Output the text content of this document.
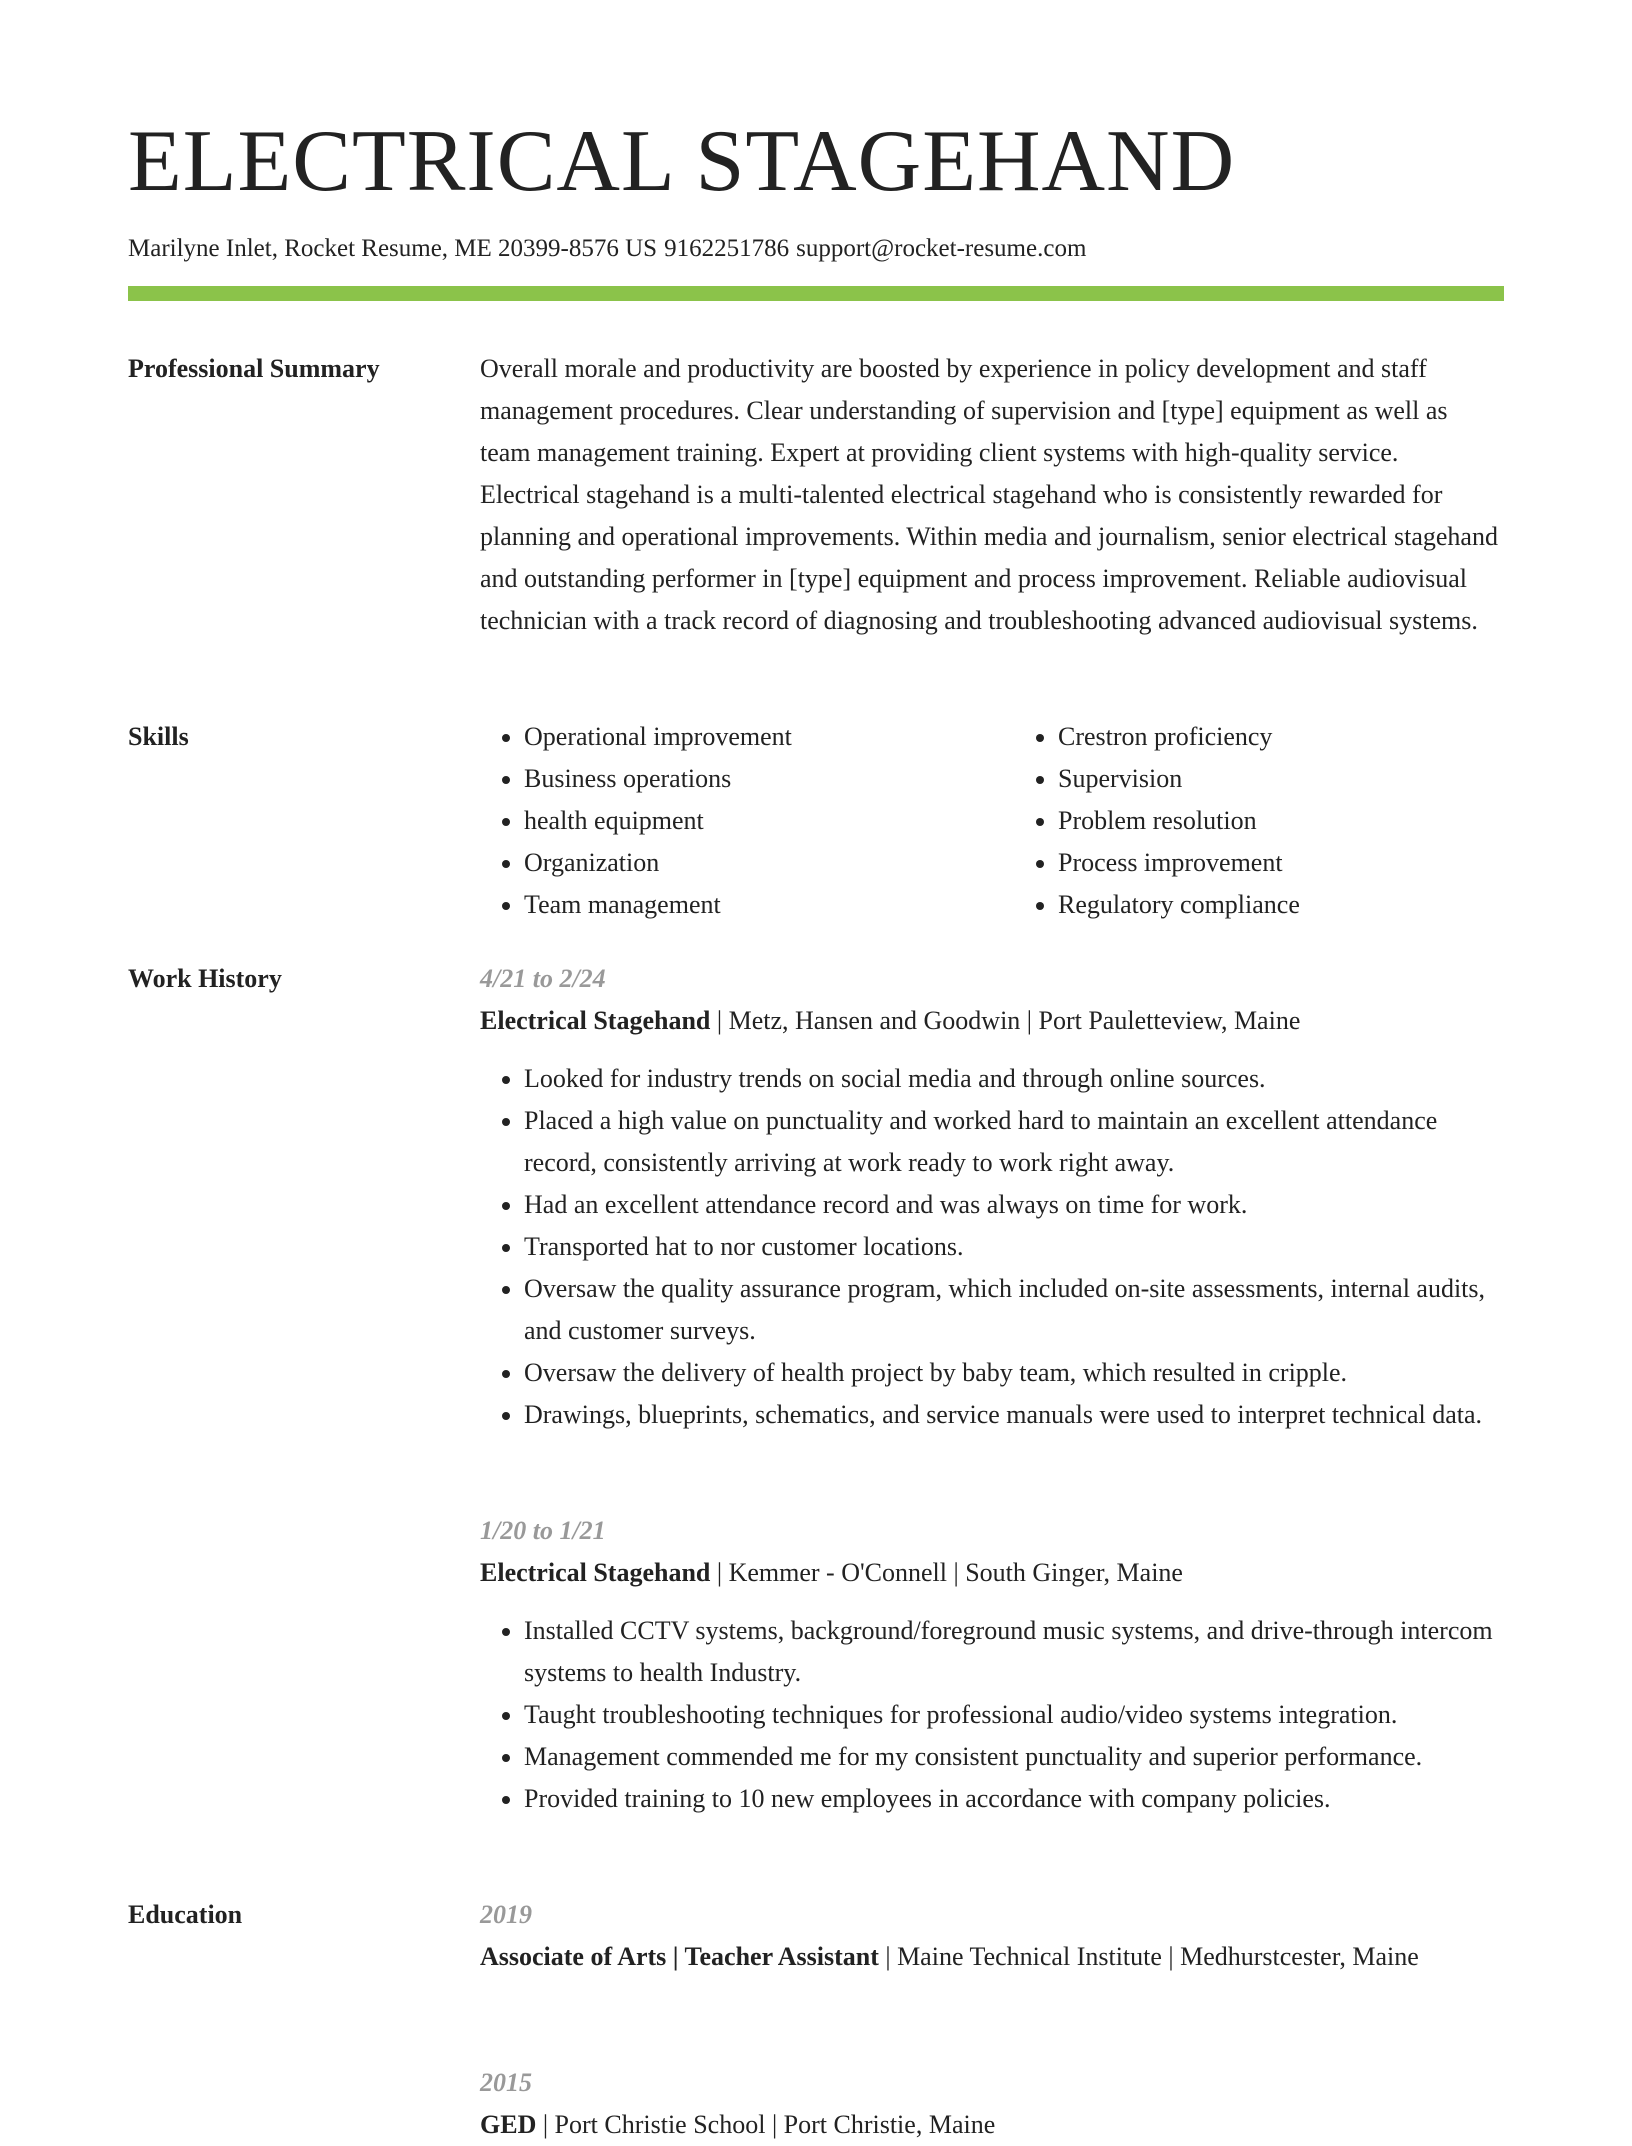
ELECTRICAL STAGEHAND
Marilyne Inlet, Rocket Resume, ME 20399-8576 US 9162251786 support@rocket-resume.com
Professional Summary	Overall morale and productivity are boosted by experience in policy development and staff management procedures. Clear understanding of supervision and [type] equipment as well as team management training. Expert at providing client systems with high-quality service. Electrical stagehand is a multi-talented electrical stagehand who is consistently rewarded for planning and operational improvements. Within media and journalism, senior electrical stagehand and outstanding performer in [type] equipment and process improvement. Reliable audiovisual technician with a track record of diagnosing and troubleshooting advanced audiovisual systems.

Skills
•	Operational improvement
• Business operations
• health equipment
• Organization
• Team management
• Crestron proficiency
• Supervision
• Problem resolution
• Process improvement
• Regulatory compliance
Work History	4/21 to 2/24
Electrical Stagehand | Metz, Hansen and Goodwin | Port Pauletteview, Maine
• Looked for industry trends on social media and through online sources.
• Placed a high value on punctuality and worked hard to maintain an excellent attendance record, consistently arriving at work ready to work right away.
• Had an excellent attendance record and was always on time for work.
• Transported hat to nor customer locations.
• Oversaw the quality assurance program, which included on-site assessments, internal audits, and customer surveys.
• Oversaw the delivery of health project by baby team, which resulted in cripple.
• Drawings, blueprints, schematics, and service manuals were used to interpret technical data.
1/20 to 1/21
Electrical Stagehand | Kemmer - O'Connell | South Ginger, Maine
• Installed CCTV systems, background/foreground music systems, and drive-through intercom systems to health Industry.
• Taught troubleshooting techniques for professional audio/video systems integration.
• Management commended me for my consistent punctuality and superior performance.
• Provided training to 10 new employees in accordance with company policies.
Education	2019
Associate of Arts | Teacher Assistant | Maine Technical Institute | Medhurstcester, Maine
2015
GED | Port Christie School | Port Christie, Maine
